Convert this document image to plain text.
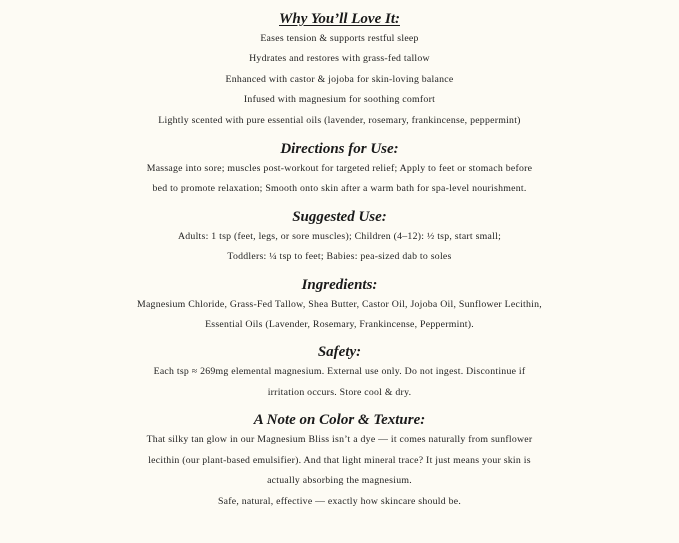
Why You’ll Love It:

Eases tension & supports restful sleep

Hydrates and restores with grass-fed tallow

Enhanced with castor & jojoba for skin-loving balance

Infused with magnesium for soothing comfort

Lightly scented with pure essential oils (lavender, rosemary, frankincense, peppermint)

Directions for Use:

Massage into sore; muscles post-workout for targeted relief; Apply to feet or stomach before

bed to promote relaxation; Smooth onto skin after a warm bath for spa-level nourishment.

Suggested Use:

Adults: 1 tsp (feet, legs, or sore muscles); Children (4–12): ½ tsp, start small;

Toddlers: ¼ tsp to feet; Babies: pea-sized dab to soles

Ingredients:

Magnesium Chloride, Grass-Fed Tallow, Shea Butter, Castor Oil, Jojoba Oil, Sunflower Lecithin,

Essential Oils (Lavender, Rosemary, Frankincense, Peppermint).

Safety:

Each tsp ≈ 269mg elemental magnesium. External use only. Do not ingest. Discontinue if

irritation occurs. Store cool & dry.

A Note on Color & Texture:

That silky tan glow in our Magnesium Bliss isn’t a dye — it comes naturally from sunflower

lecithin (our plant-based emulsifier). And that light mineral trace? It just means your skin is

actually absorbing the magnesium.

Safe, natural, effective — exactly how skincare should be.
